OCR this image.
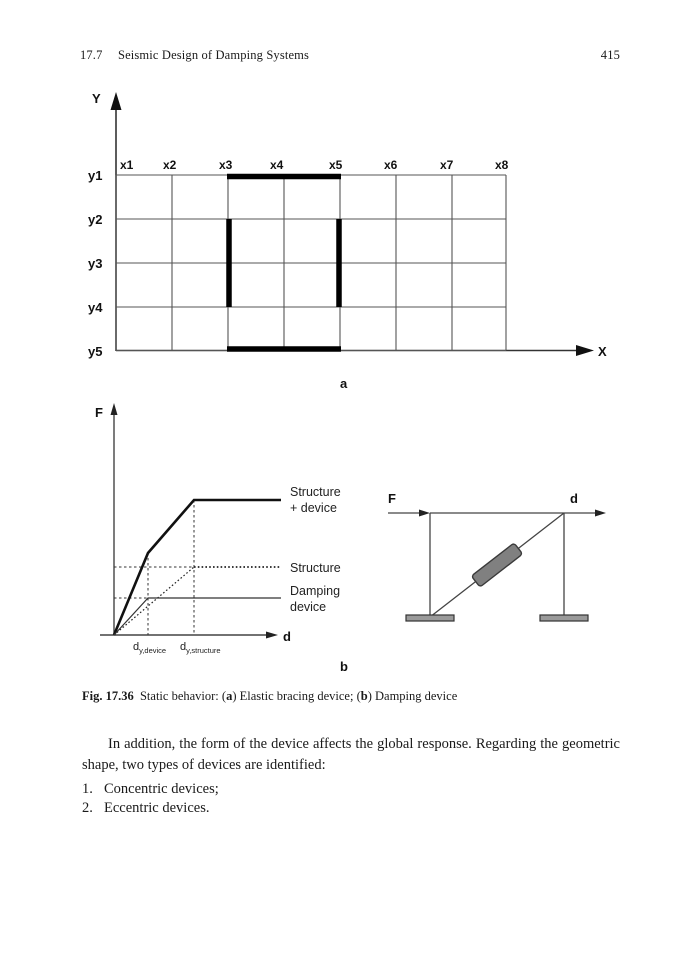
17.7 Seismic Design of Damping Systems	415
Y
X
x1 x2	x3	x4	x5	x6	x7	x8
y1
y2
y3
y4
y5
a
F
d
Structure
+ device
Structure
Damping
device
$d_{y,device}$ $d_{y,structure}$
F	d
b
Fig. 17.36 Static behavior: (a) Elastic bracing device; (b) Damping device

In addition, the form of the device affects the global response. Regarding the geometric shape, two types of devices are identified:

1. Concentric devices;
2. Eccentric devices.
